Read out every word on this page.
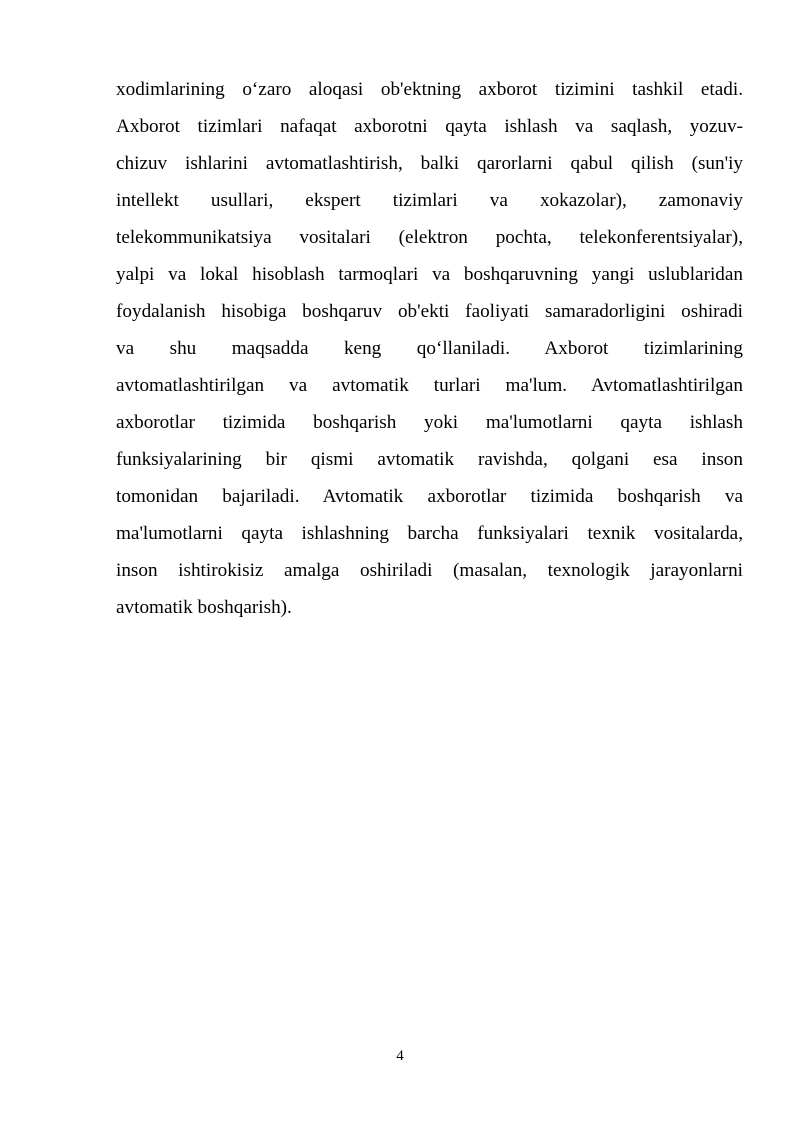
xodimlarining o‘zaro aloqasi ob'ektning axborot tizimini tashkil etadi.
Axborot tizimlari nafaqat axborotni qayta ishlash va saqlash, yozuv-
chizuv ishlarini avtomatlashtirish, balki qarorlarni qabul qilish (sun'iy
intellekt usullari, ekspert tizimlari va xokazolar), zamonaviy
telekommunikatsiya vositalari (elektron pochta, telekonferentsiyalar),
yalpi va lokal hisoblash tarmoqlari va boshqaruvning yangi uslublaridan
foydalanish hisobiga boshqaruv ob'ekti faoliyati samaradorligini oshiradi
va shu maqsadda keng qo‘llaniladi. Axborot tizimlarining
avtomatlashtirilgan va avtomatik turlari ma'lum. Avtomatlashtirilgan
axborotlar tizimida boshqarish yoki ma'lumotlarni qayta ishlash
funksiyalarining bir qismi avtomatik ravishda, qolgani esa inson
tomonidan bajariladi. Avtomatik axborotlar tizimida boshqarish va
ma'lumotlarni qayta ishlashning barcha funksiyalari texnik vositalarda,
inson ishtirokisiz amalga oshiriladi (masalan, texnologik jarayonlarni
avtomatik boshqarish).
4
